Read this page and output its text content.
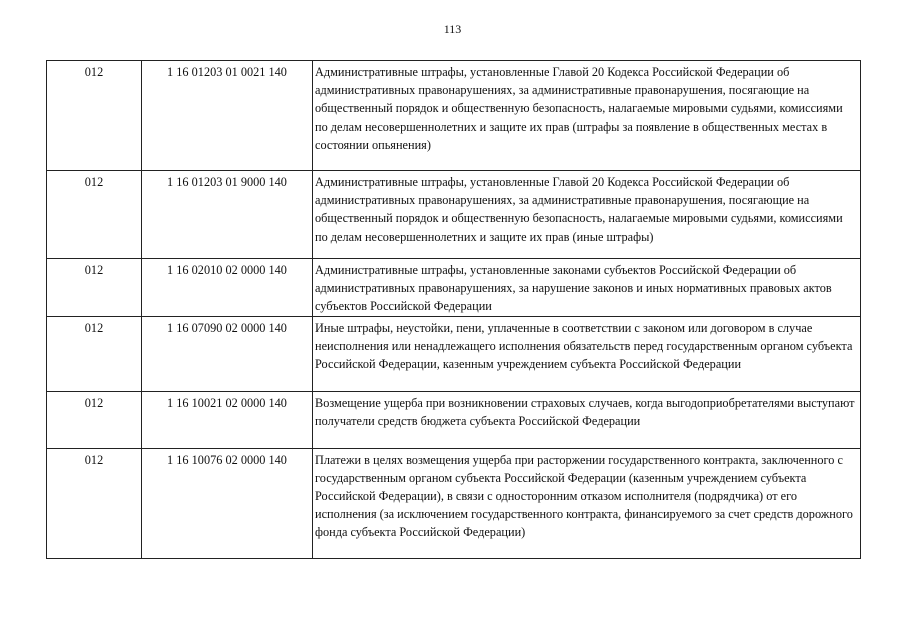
113
012	1 16 01203 01 0021 140	Административные штрафы, установленные Главой 20 Кодекса Российской Федерации об административных правонарушениях, за административные правонарушения, посягающие на общественный порядок и общественную безопасность, налагаемые мировыми судьями, комиссиями по делам несовершеннолетних и защите их прав (штрафы за появление в общественных местах в состоянии опьянения)
012	1 16 01203 01 9000 140	Административные штрафы, установленные Главой 20 Кодекса Российской Федерации об административных правонарушениях, за административные правонарушения, посягающие на общественный порядок и общественную безопасность, налагаемые мировыми судьями, комиссиями по делам несовершеннолетних и защите их прав (иные штрафы)
012	1 16 02010 02 0000 140	Административные штрафы, установленные законами субъектов Российской Федерации об административных правонарушениях, за нарушение законов и иных нормативных правовых актов субъектов Российской Федерации
012	1 16 07090 02 0000 140	Иные штрафы, неустойки, пени, уплаченные в соответствии с законом или договором в случае неисполнения или ненадлежащего исполнения обязательств перед государственным органом субъекта Российской Федерации, казенным учреждением субъекта Российской Федерации
012	1 16 10021 02 0000 140	Возмещение ущерба при возникновении страховых случаев, когда выгодоприобретателями выступают получатели средств бюджета субъекта Российской Федерации
012	1 16 10076 02 0000 140	Платежи в целях возмещения ущерба при расторжении государственного контракта, заключенного с государственным органом субъекта Российской Федерации (казенным учреждением субъекта Российской Федерации), в связи с односторонним отказом исполнителя (подрядчика) от его исполнения (за исключением государственного контракта, финансируемого за счет средств дорожного фонда субъекта Российской Федерации)
